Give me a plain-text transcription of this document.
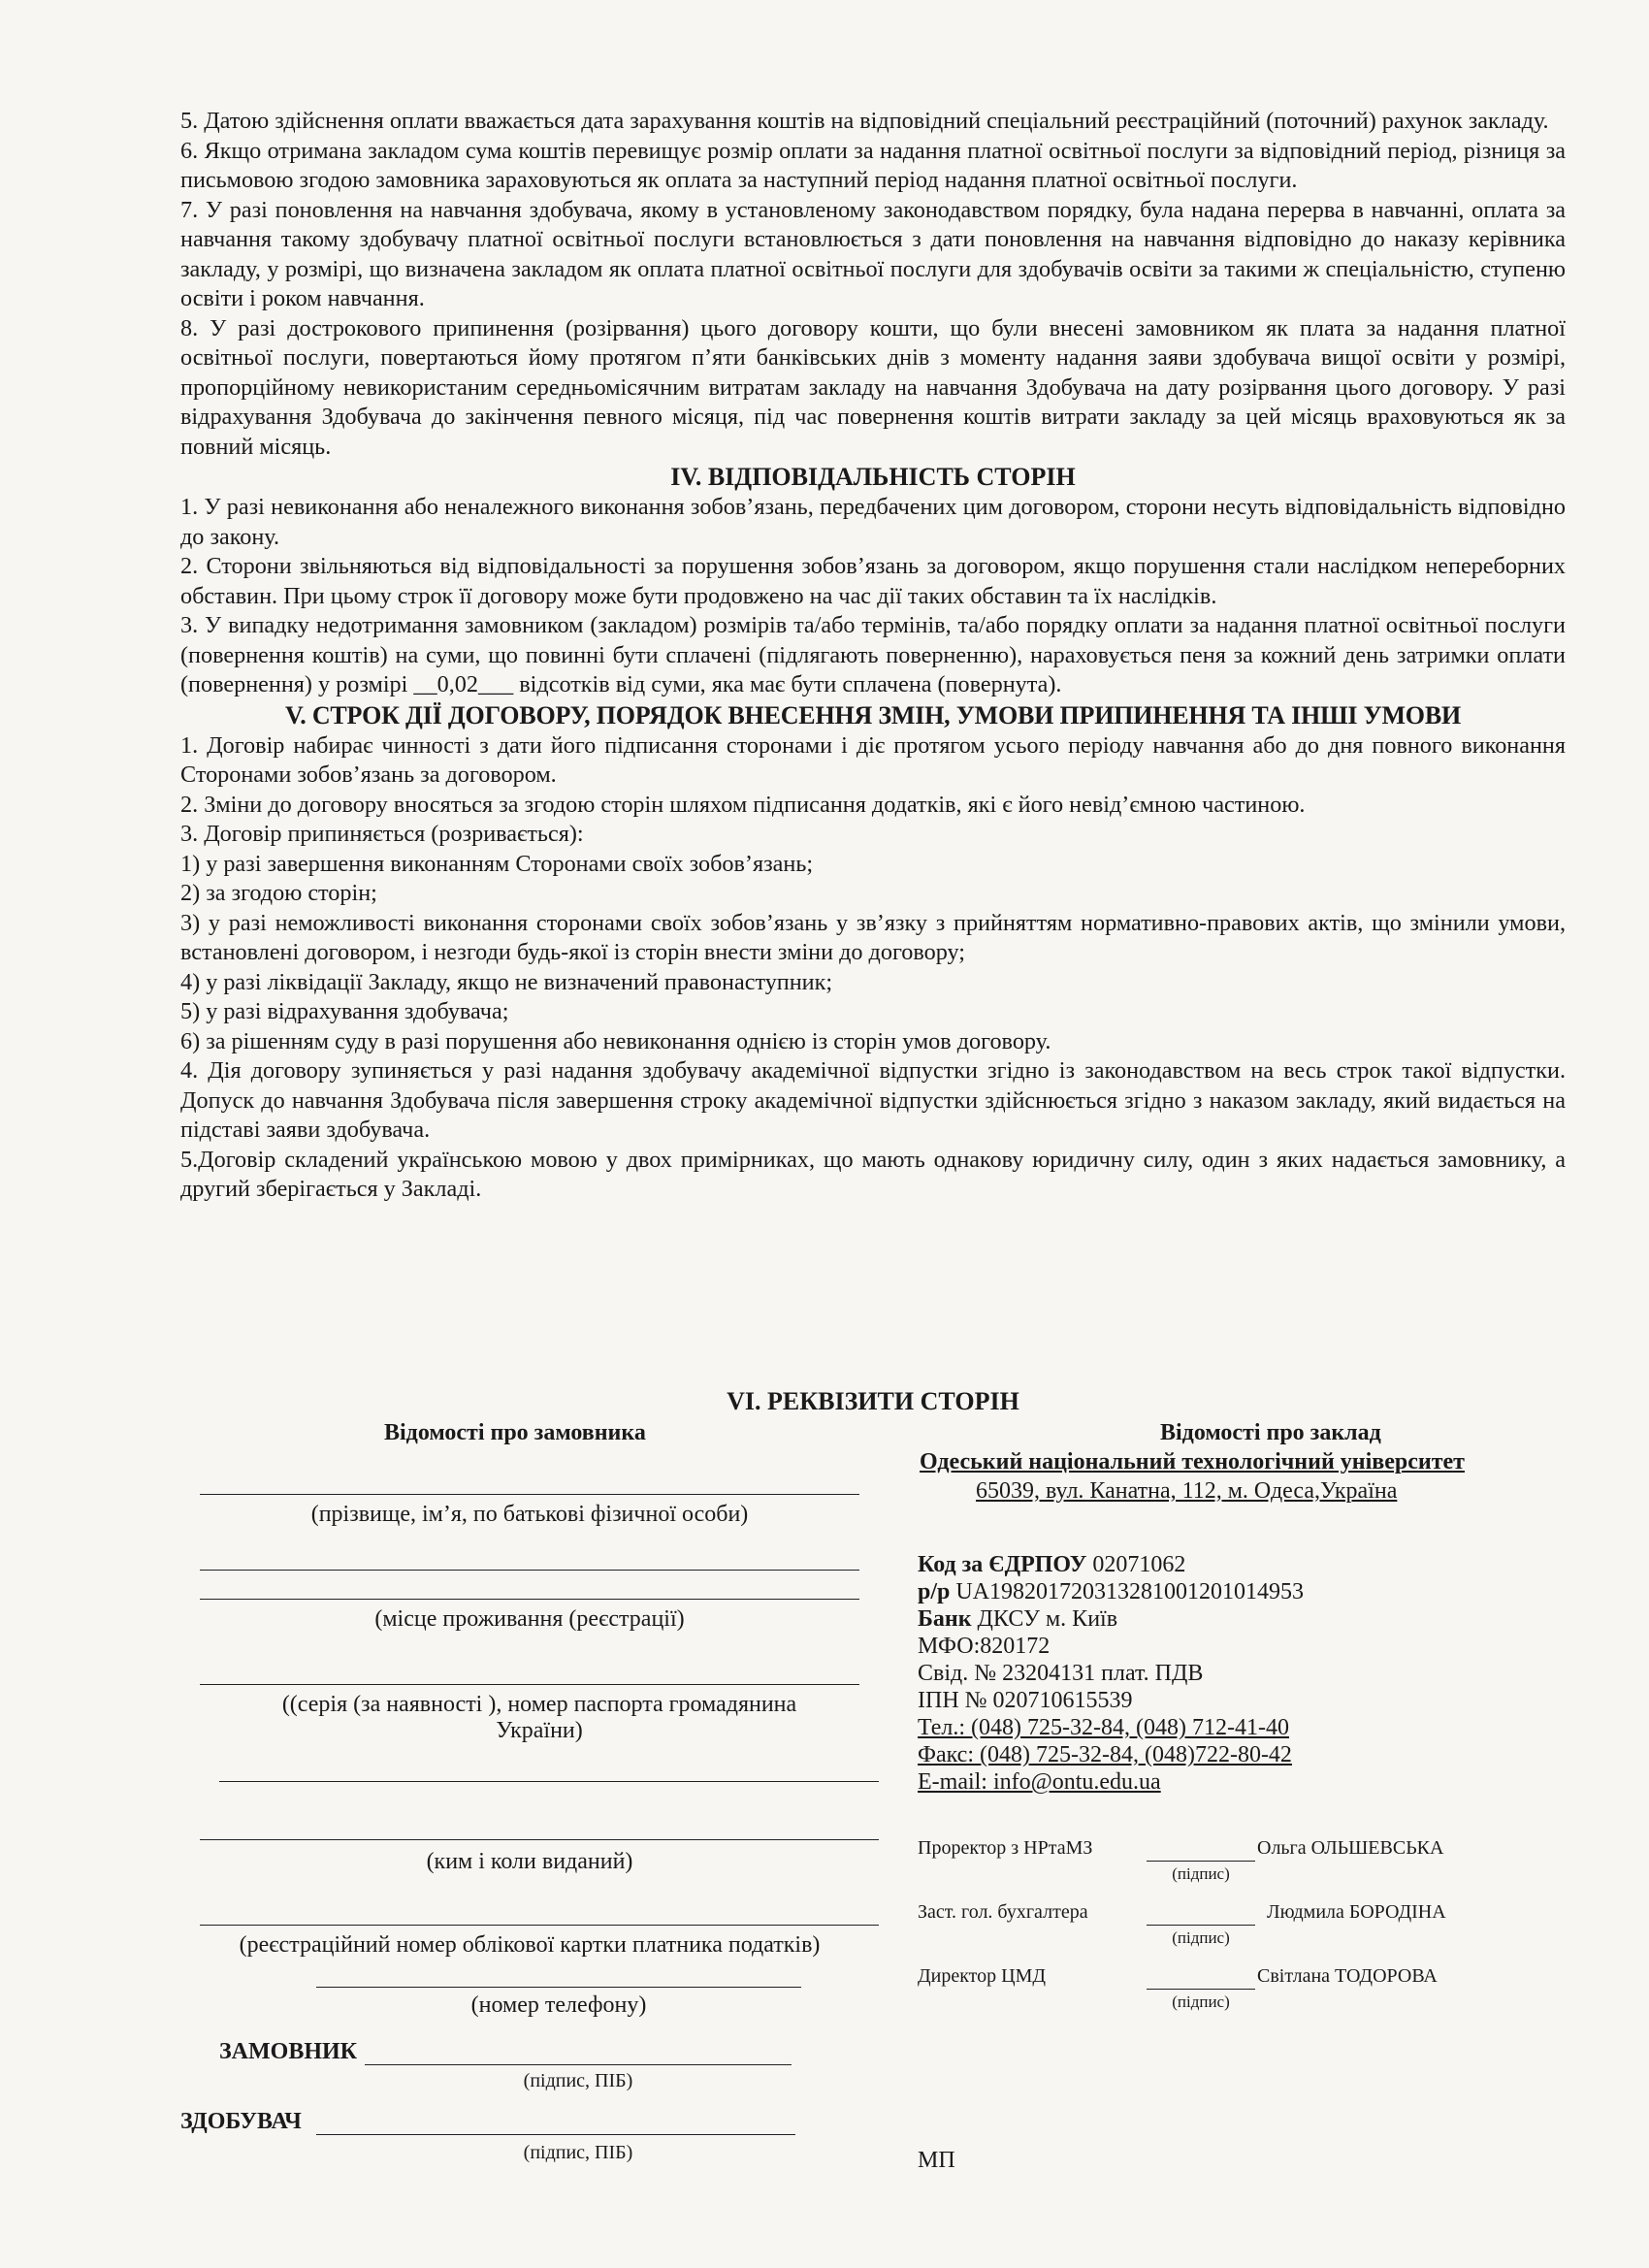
5. Датою здійснення оплати вважається дата зарахування коштів на відповідний спеціальний реєстраційний (поточний) рахунок закладу.

6. Якщо отримана закладом сума коштів перевищує розмір оплати за надання платної освітньої послуги за відповідний період, різниця за письмовою згодою замовника зараховуються як оплата за наступний період надання платної освітньої послуги.

7. У разі поновлення на навчання здобувача, якому в установленому законодавством порядку, була надана перерва в навчанні, оплата за навчання такому здобувачу платної освітньої послуги встановлюється з дати поновлення на навчання відповідно до наказу керівника закладу, у розмірі, що визначена закладом як оплата платної освітньої послуги для здобувачів освіти за такими ж спеціальністю, ступеню освіти і роком навчання.

8. У разі дострокового припинення (розірвання) цього договору кошти, що були внесені замовником як плата за надання платної освітньої послуги, повертаються йому протягом п’яти банківських днів з моменту надання заяви здобувача вищої освіти у розмірі, пропорційному невикористаним середньомісячним витратам закладу на навчання Здобувача на дату розірвання цього договору. У разі відрахування Здобувача до закінчення певного місяця, під час повернення коштів витрати закладу за цей місяць враховуються як за повний місяць.

IV. ВІДПОВІДАЛЬНІСТЬ СТОРІН

1. У разі невиконання або неналежного виконання зобов’язань, передбачених цим договором, сторони несуть відповідальність відповідно до закону.

2. Сторони звільняються від відповідальності за порушення зобов’язань за договором, якщо порушення стали наслідком непереборних обставин. При цьому строк її договору може бути продовжено на час дії таких обставин та їх наслідків.

3. У випадку недотримання замовником (закладом) розмірів та/або термінів, та/або порядку оплати за надання платної освітньої послуги (повернення коштів) на суми, що повинні бути сплачені (підлягають поверненню), нараховується пеня за кожний день затримки оплати (повернення) у розмірі __0,02___ відсотків від суми, яка має бути сплачена (повернута).

V. СТРОК ДІЇ ДОГОВОРУ, ПОРЯДОК ВНЕСЕННЯ ЗМІН, УМОВИ ПРИПИНЕННЯ ТА ІНШІ УМОВИ

1. Договір набирає чинності з дати його підписання сторонами і діє протягом усього періоду навчання або до дня повного виконання Сторонами зобов’язань за договором.

2. Зміни до договору вносяться за згодою сторін шляхом підписання додатків, які є його невід’ємною частиною.

3. Договір припиняється (розривається):

1) у разі завершення виконанням Сторонами своїх зобов’язань;

2) за згодою сторін;

3) у разі неможливості виконання сторонами своїх зобов’язань у зв’язку з прийняттям нормативно-правових актів, що змінили умови, встановлені договором, і незгоди будь-якої із сторін внести зміни до договору;

4) у разі ліквідації Закладу, якщо не визначений правонаступник;

5) у разі відрахування здобувача;

6) за рішенням суду в разі порушення або невиконання однією із сторін умов договору.

4. Дія договору зупиняється у разі надання здобувачу академічної відпустки згідно із законодавством на весь строк такої відпустки. Допуск до навчання Здобувача після завершення строку академічної відпустки здійснюється згідно з наказом закладу, який видається на підставі заяви здобувача.

5.Договір складений українською мовою у двох примірниках, що мають однакову юридичну силу, один з яких надається замовнику, а другий зберігається у Закладі.

VI. РЕКВІЗИТИ СТОРІН
Відомості про замовника
(прізвище, ім’я, по батькові фізичної особи)
(місце проживання (реєстрації)
((серія (за наявності ), номер паспорта громадянина України)
(ким і коли виданий)
(реєстраційний номер облікової картки платника податків)
(номер телефону)
ЗАМОВНИК
(підпис, ПІБ)
ЗДОБУВАЧ
(підпис, ПІБ)
Відомості про заклад
Одеський національний технологічний університет
65039, вул. Канатна, 112, м. Одеса,Україна
Код за ЄДРПОУ 02071062
р/р UA198201720313281001201014953
Банк ДКСУ м. Київ
МФО:820172
Свід. № 23204131 плат. ПДВ
ІПН № 020710615539
Тел.: (048) 725-32-84, (048) 712-41-40
Факс: (048) 725-32-84, (048)722-80-42
E-mail: info@ontu.edu.ua
Проректор з НРтаМЗ	Ольга ОЛЬШЕВСЬКА
(підпис)
Заст. гол. бухгалтера	Людмила БОРОДІНА
(підпис)
Директор ЦМД	Світлана ТОДОРОВА
(підпис)
МП
